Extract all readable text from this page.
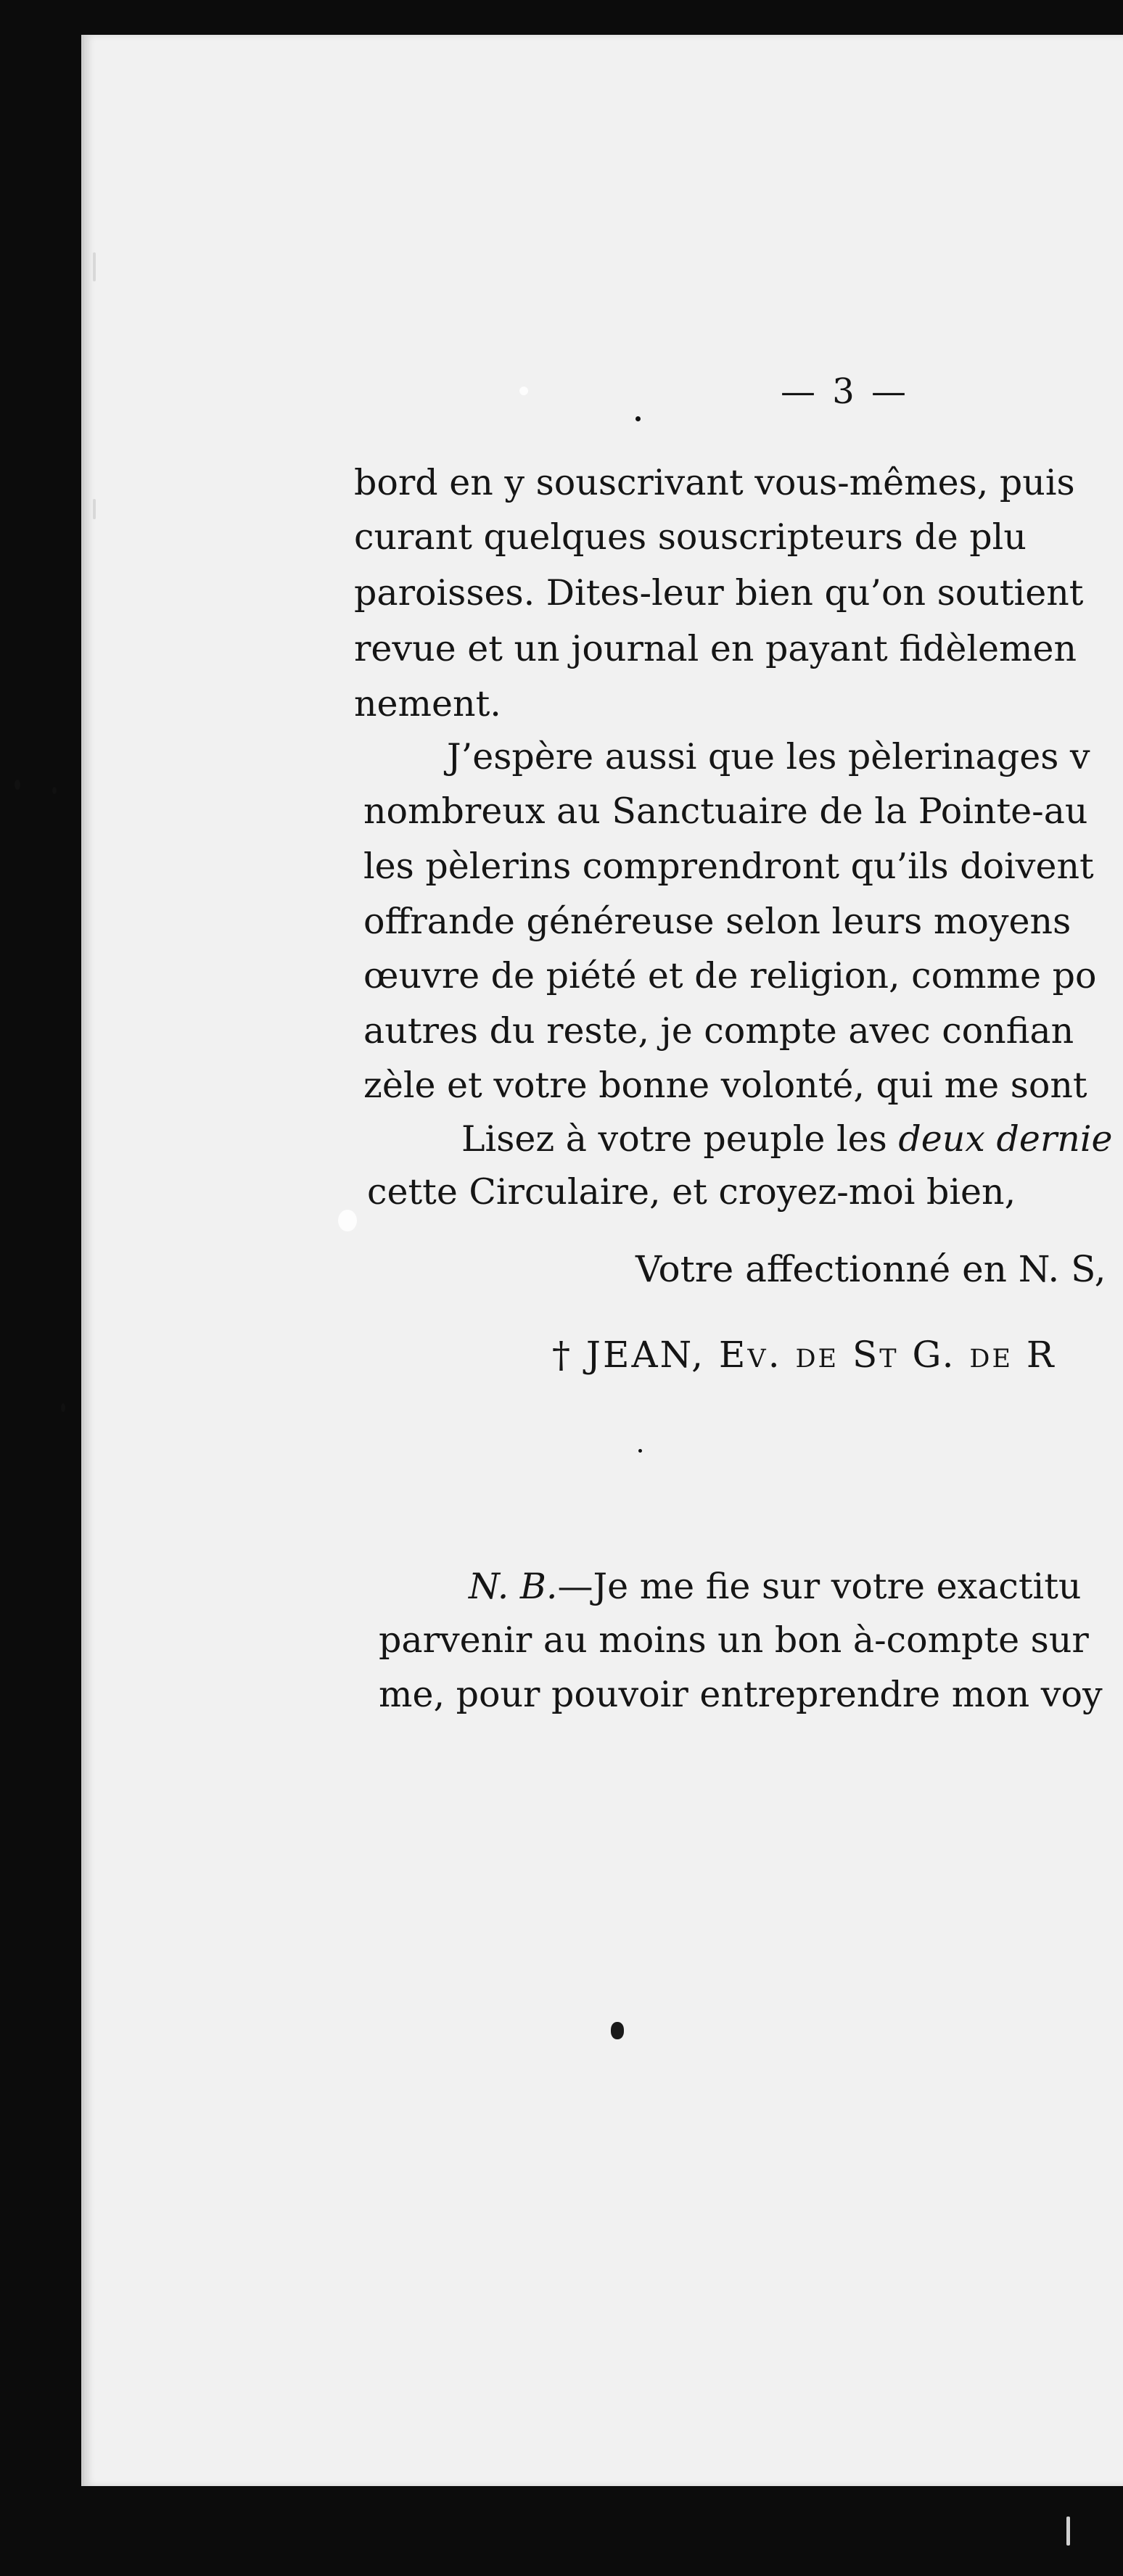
— 3 —
bord en y souscrivant vous-mêmes, puis
curant quelques souscripteurs de plu
paroisses. Dites-leur bien qu’on soutient
revue et un journal en payant fidèlemen
nement.
J’espère aussi que les pèlerinages v
nombreux au Sanctuaire de la Pointe-au
les pèlerins comprendront qu’ils doivent
offrande généreuse selon leurs moyens
œuvre de piété et de religion, comme po
autres du reste, je compte avec confian
zèle et votre bonne volonté, qui me sont
Lisez à votre peuple les deux dernie
cette Circulaire, et croyez-moi bien,
Votre affectionné en N. S,
† JEAN, Ev. de St G. de R
N. B.—Je me fie sur votre exactitu
parvenir au moins un bon à-compte sur
me, pour pouvoir entreprendre mon voy
